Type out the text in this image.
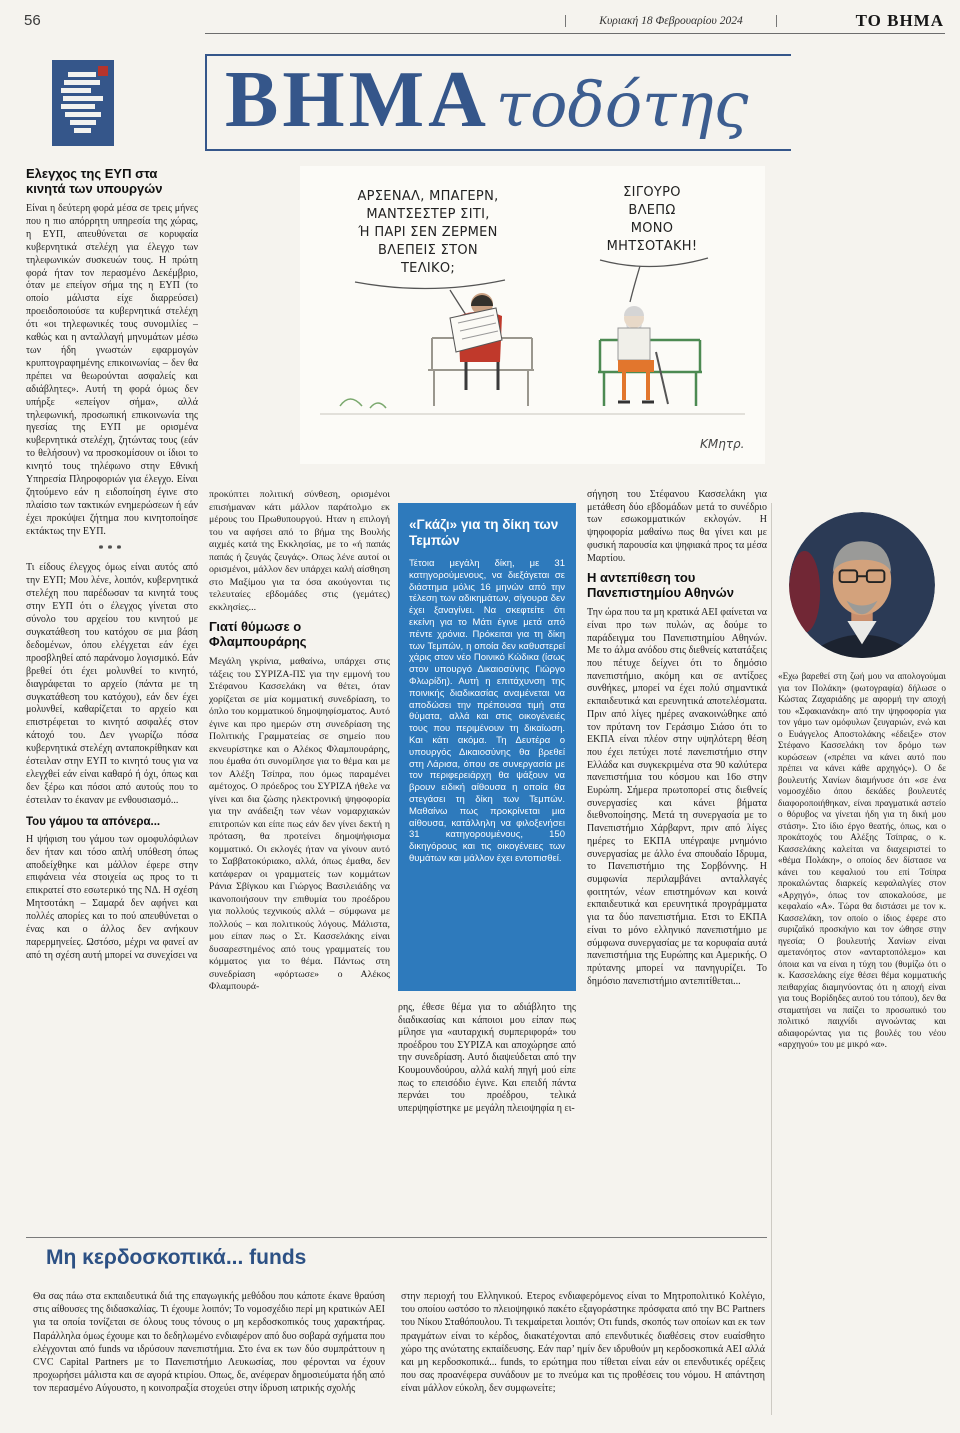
56	Κυριακή 18 Φεβρουαρίου 2024	ΤΟ ΒΗΜΑ
ΒΗΜΑ τοδότης
ΑΡΣΕΝΑΛ, ΜΠΑΓΕΡΝ,
ΜΑΝΤΣΕΣΤΕΡ ΣΙΤΙ,
Ή ΠΑΡΙ ΣΕΝ ΖΕΡΜΕΝ
ΒΛΕΠΕΙΣ ΣΤΟΝ
ΤΕΛΙΚΟ;
ΣΙΓΟΥΡΟ
ΒΛΕΠΩ
ΜΟΝΟ
ΜΗΤΣΟΤΑΚΗ!
ΚΜητρ.
Ελεγχος της ΕΥΠ στα κινητά των υπουργών

Είναι η δεύτερη φορά μέσα σε τρεις μήνες που η πιο απόρρητη υπηρεσία της χώρας, η ΕΥΠ, απευθύνεται σε κορυφαία κυβερνητικά στελέχη για έλεγχο των τηλεφωνικών συσκευών τους. Η πρώτη φορά ήταν τον περασμένο Δεκέμβριο, όταν με επείγον σήμα της η ΕΥΠ (το οποίο μάλιστα είχε διαρρεύσει) προειδοποιούσε τα κυβερνητικά στελέχη ότι «οι τηλεφωνικές τους συνομιλίες – καθώς και η ανταλλαγή μηνυμάτων μέσω των ήδη γνωστών εφαρμογών κρυπτογραφημένης επικοινωνίας – δεν θα πρέπει να θεωρούνται ασφαλείς και αδιάβλητες». Αυτή τη φορά όμως δεν υπήρξε «επείγον σήμα», αλλά τηλεφωνική, προσωπική επικοινωνία της ηγεσίας της ΕΥΠ με ορισμένα κυβερνητικά στελέχη, ζητώντας τους (εάν το θελήσουν) να προσκομίσουν οι ίδιοι το κινητό τους τηλέφωνο στην Εθνική Υπηρεσία Πληροφοριών για έλεγχο. Είναι ζητούμενο εάν η ειδοποίηση έγινε στο πλαίσιο των τακτικών ενημερώσεων ή εάν έχει προκύψει ζήτημα που κινητοποίησε εκτάκτως την ΕΥΠ.

***

Τι είδους έλεγχος όμως είναι αυτός από την ΕΥΠ; Μου λένε, λοιπόν, κυβερνητικά στελέχη που παρέδωσαν τα κινητά τους στην ΕΥΠ ότι ο έλεγχος γίνεται στο σύνολο του αρχείου του κινητού με συγκατάθεση του κατόχου σε μια βάση δεδομένων, όπου ελέγχεται εάν έχει προσβληθεί από παράνομο λογισμικό. Εάν βρεθεί ότι έχει μολυνθεί το κινητό, διαγράφεται το αρχείο (πάντα με τη συγκατάθεση του κατόχου), εάν δεν έχει μολυνθεί, καθαρίζεται το αρχείο και επιστρέφεται το κινητό ασφαλές στον κάτοχό του. Δεν γνωρίζω πόσα κυβερνητικά στελέχη ανταποκρίθηκαν και έστειλαν στην ΕΥΠ το κινητό τους για να ελεγχθεί εάν είναι καθαρό ή όχι, όπως και δεν ξέρω και πόσοι από αυτούς που το έστειλαν το έκαναν με ενθουσιασμό...

Του γάμου τα απόνερα...

Η ψήφιση του γάμου των ομοφυλόφιλων δεν ήταν και τόσο απλή υπόθεση όπως αποδείχθηκε και μάλλον έφερε στην επιφάνεια νέα στοιχεία ως προς το τι επικρατεί στο εσωτερικό της ΝΔ. Η σχέση Μητσοτάκη – Σαμαρά δεν αφήνει και πολλές απορίες και το πού απευθύνεται ο ένας και ο άλλος δεν ανήκουν παρερμηνείες. Ωστόσο, μέχρι να φανεί αν από τη σχέση αυτή μπορεί να συνεχίσει να

προκύπτει πολιτική σύνθεση, ορισμένοι επισήμαναν κάτι μάλλον παράτολμο εκ μέρους του Πρωθυπουργού. Ηταν η επιλογή του να αφήσει από το βήμα της Βουλής αιχμές κατά της Εκκλησίας, με το «ή παπάς παπάς ή ζευγάς ζευγάς». Οπως λένε αυτοί οι ορισμένοι, μάλλον δεν υπάρχει καλή αίσθηση στο Μαξίμου για τα όσα ακούγονται τις τελευταίες εβδομάδες στις (γεμάτες) εκκλησίες...

Γιατί θύμωσε ο Φλαμπουράρης

Μεγάλη γκρίνια, μαθαίνω, υπάρχει στις τάξεις του ΣΥΡΙΖΑ-ΠΣ για την εμμονή του Στέφανου Κασσελάκη να θέτει, όταν χορίζεται σε μία κομματική συνεδρίαση, το όπλο του κομματικού δημοψηφίσματος. Αυτό έγινε και προ ημερών στη συνεδρίαση της Πολιτικής Γραμματείας σε σημείο που εκνευρίστηκε και ο Αλέκος Φλαμπουράρης, που έμαθα ότι συνομίλησε για το θέμα και με τον Αλέξη Τσίπρα, που όμως παραμένει αμέτοχος. Ο πρόεδρος του ΣΥΡΙΖΑ ήθελε να γίνει και δια ζώσης ηλεκτρονική ψηφοφορία για την ανάδειξη των νέων νομαρχιακών επιτροπών και είπε πως εάν δεν γίνει δεκτή η πρόταση, θα προτείνει δημοψήφισμα κομματικό. Οι εκλογές ήταν να γίνουν αυτό το Σαββατοκύριακο, αλλά, όπως έμαθα, δεν κατάφεραν οι γραμματείς των κομμάτων Ράνια Σβίγκου και Γιώργος Βασιλειάδης να ικανοποιήσουν την επιθυμία του προέδρου για πολλούς τεχνικούς αλλά – σύμφωνα με πολλούς – και πολιτικούς λόγους. Μάλιστα, μου είπαν πως ο Στ. Κασσελάκης είναι δυσαρεστημένος από τους γραμματείς του κόμματος για το θέμα. Πάντως στη συνεδρίαση «φόρτωσε» ο Αλέκος Φλαμπουρά-

«Γκάζι» για τη δίκη των Τεμπών

Τέτοια μεγάλη δίκη, με 31 κατηγορούμενους, να διεξάγεται σε διάστημα μόλις 16 μηνών από την τέλεση των αδικημάτων, σίγουρα δεν έχει ξαναγίνει. Να σκεφτείτε ότι εκείνη για το Μάτι έγινε μετά από πέντε χρόνια. Πρόκειται για τη δίκη των Τεμπών, η οποία δεν καθυστερεί χάρις στον νέο Ποινικό Κώδικα (ίσως στον υπουργό Δικαιοσύνης Γιώργο Φλωρίδη). Αυτή η επιτάχυνση της ποινικής διαδικασίας αναμένεται να αποδώσει την πρέπουσα τιμή στα θύματα, αλλά και στις οικογένειές τους που περιμένουν τη δικαίωση. Και κάτι ακόμα. Τη Δευτέρα ο υπουργός Δικαιοσύνης θα βρεθεί στη Λάρισα, όπου σε συνεργασία με τον περιφερειάρχη θα ψάξουν να βρουν ειδική αίθουσα η οποία θα στεγάσει τη δίκη των Τεμπών. Μαθαίνω πως προκρίνεται μια αίθουσα, κατάλληλη να φιλοξενήσει 31 κατηγορουμένους, 150 δικηγόρους και τις οικογένειες των θυμάτων και μάλλον έχει εντοπισθεί.

ρης, έθεσε θέμα για το αδιάβλητο της διαδικασίας και κάποιοι μου είπαν πως μίλησε για «αυταρχική συμπεριφορά» του προέδρου του ΣΥΡΙΖΑ και αποχώρησε από την συνεδρίαση. Αυτό διαψεύδεται από την Κουμουνδούρου, αλλά καλή πηγή μού είπε πως το επεισόδιο έγινε. Και επειδή πάντα περνάει του προέδρου, τελικά υπερψηφίστηκε με μεγάλη πλειοψηφία η ει-

σήγηση του Στέφανου Κασσελάκη για μετάθεση δύο εβδομάδων μετά το συνέδριο των εσωκομματικών εκλογών. Η ψηφοφορία μαθαίνω πως θα γίνει και με φυσική παρουσία και ψηφιακά προς τα μέσα Μαρτίου.

Η αντεπίθεση του Πανεπιστημίου Αθηνών

Την ώρα που τα μη κρατικά ΑΕΙ φαίνεται να είναι προ των πυλών, ας δούμε το παράδειγμα του Πανεπιστημίου Αθηνών. Με το άλμα ανόδου στις διεθνείς κατατάξεις που πέτυχε δείχνει ότι το δημόσιο πανεπιστήμιο, ακόμη και σε αντίξοες συνθήκες, μπορεί να έχει πολύ σημαντικά εκπαιδευτικά και ερευνητικά αποτελέσματα. Πριν από λίγες ημέρες ανακοινώθηκε από τον πρύτανη τον Γεράσιμο Σιάσο ότι το ΕΚΠΑ είναι πλέον στην υψηλότερη θέση που έχει πετύχει ποτέ πανεπιστήμιο στην Ελλάδα και συγκεκριμένα στα 90 καλύτερα πανεπιστήμια του κόσμου και 16ο στην Ευρώπη. Σήμερα πρωτοπορεί στις διεθνείς συνεργασίες και κάνει βήματα διεθνοποίησης. Μετά τη συνεργασία με το Πανεπιστήμιο Χάρβαρντ, πριν από λίγες ημέρες το ΕΚΠΑ υπέγραψε μνημόνιο συνεργασίας με άλλο ένα σπουδαίο Ιδρυμα, το Πανεπιστήμιο της Σορβόννης. Η συμφωνία περιλαμβάνει ανταλλαγές φοιτητών, νέων επιστημόνων και κοινά εκπαιδευτικά και ερευνητικά προγράμματα για τα δύο πανεπιστήμια. Ετσι το ΕΚΠΑ είναι το μόνο ελληνικό πανεπιστήμιο με σύμφωνα συνεργασίας με τα κορυφαία αυτά πανεπιστήμια της Ευρώπης και Αμερικής. Ο πρύτανης μπορεί να πανηγυρίζει. Το δημόσιο πανεπιστήμιο αντεπιτίθεται...

«Εχω βαρεθεί στη ζωή μου να απολογούμαι για τον Πολάκη» (φωτογραφία) δήλωσε ο Κώστας Ζαχαριάδης με αφορμή την αποχή του «Σφακιανάκη» από την ψηφοφορία για τον γάμο των ομόφυλων ζευγαριών, ενώ και ο Ευάγγελος Αποστολάκης «έδειξε» στον Στέφανο Κασσελάκη τον δρόμο των κυρώσεων («πρέπει να κάνει αυτό που πρέπει να κάνει κάθε αρχηγός»). Ο δε βουλευτής Χανίων διαμήνυσε ότι «σε ένα νομοσχέδιο όπου δεκάδες βουλευτές διαφοροποιήθηκαν, είναι πραγματικά αστείο ο θόρυβος να γίνεται ήδη για τη δική μου στάση». Στο ίδιο έργο θεατής, όπως, και ο προκάτοχός του Αλέξης Τσίπρας, ο κ. Κασσελάκης καλείται να διαχειριστεί το «θέμα Πολάκη», ο οποίος δεν δίστασε να κάνει του κεφαλιού του επί Τσίπρα προκαλώντας διαρκείς κεφαλαλγίες στον «Αρχηγό», όπως τον αποκαλούσε, με κεφαλαίο «Α». Τώρα θα διστάσει με τον κ. Κασσελάκη, τον οποίο ο ίδιος έφερε στο συριζαϊκό προσκήνιο και τον ώθησε στην ηγεσία; Ο βουλευτής Χανίων είναι αμετανόητος στον «ανταρτοπόλεμο» και όποια και να είναι η τύχη του (θυμίζω ότι ο κ. Κασσελάκης είχε θέσει θέμα κομματικής πειθαρχίας διαμηνύοντας ότι η αποχή είναι για τους Βορίδηδες αυτού του τόπου), δεν θα σταματήσει να παίζει το προσωπικό του πολιτικό παιχνίδι αγνοώντας και αδιαφορώντας για τις βουλές του νέου «αρχηγού» του με μικρό «α».

Μη κερδοσκοπικά... funds

Θα σας πάω στα εκπαιδευτικά διά της επαγωγικής μεθόδου που κάποτε έκανε θραύση στις αίθουσες της διδασκαλίας. Τι έχουμε λοιπόν; Το νομοσχέδιο περί μη κρατικών ΑΕΙ για τα οποία τονίζεται σε όλους τους τόνους ο μη κερδοσκοπικός τους χαρακτήρας. Παράλληλα όμως έχουμε και το δεδηλωμένο ενδιαφέρον από δυο σοβαρά σχήματα που ελέγχονται από funds να ιδρύσουν πανεπιστήμια. Στο ένα εκ των δύο συμπράττουν η CVC Capital Partners με το Πανεπιστήμιο Λευκωσίας, που φέρονται να έχουν προχωρήσει μάλιστα και σε αγορά κτιρίου. Οπως, δε, ανέφεραν δημοσιεύματα ήδη από τον περασμένο Αύγουστο, η κοινοπραξία στοχεύει στην ίδρυση ιατρικής σχολής

στην περιοχή του Ελληνικού. Ετερος ενδιαφερόμενος είναι το Μητροπολιτικό Κολέγιο, του οποίου ωστόσο το πλειοψηφικό πακέτο εξαγοράστηκε πρόσφατα από την BC Partners του Νίκου Σταθόπουλου. Τι τεκμαίρεται λοιπόν; Οτι funds, σκοπός των οποίων και εκ των πραγμάτων είναι το κέρδος, διακατέχονται από επενδυτικές διαθέσεις στον ευαίσθητο χώρο της ανώτατης εκπαίδευσης. Εάν παρ’ ημίν δεν ιδρυθούν μη κερδοσκοπικά ΑΕΙ αλλά και μη κερδοσκοπικά... funds, το ερώτημα που τίθεται είναι εάν οι επενδυτικές ορέξεις που σας προανέφερα συνάδουν με το πνεύμα και τις προθέσεις του νόμου. Η απάντηση είναι μάλλον εύκολη, δεν συμφωνείτε;
